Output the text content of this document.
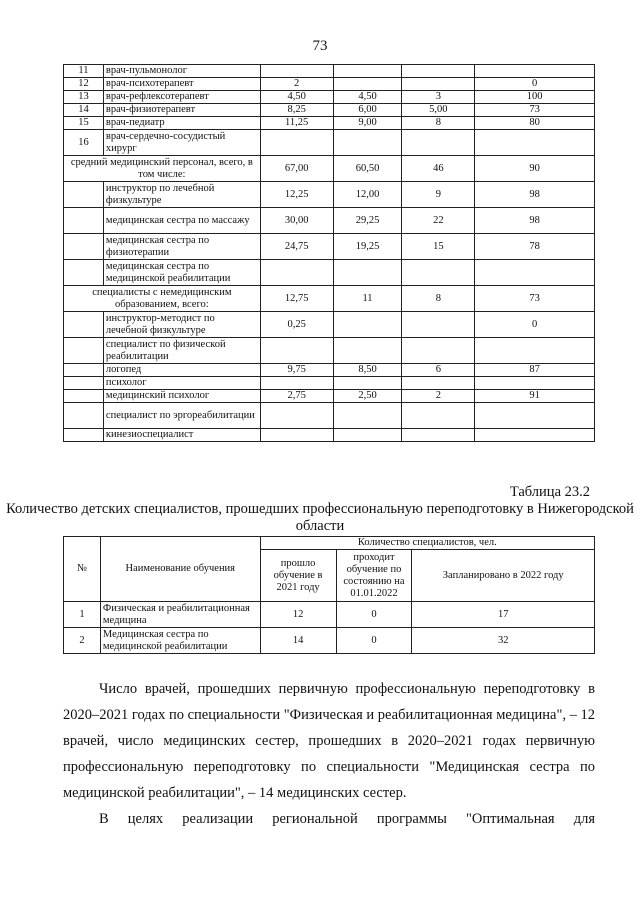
73
11	врач-пульмонолог				
12	врач-психотерапевт	2			0
13	врач-рефлексотерапевт	4,50	4,50	3	100
14	врач-физиотерапевт	8,25	6,00	5,00	73
15	врач-педиатр	11,25	9,00	8	80
16	врач-сердечно-сосудистый хирург				
средний медицинский персонал, всего, в том числе:		67,00	60,50	46	90
	инструктор по лечебной физкультуре	12,25	12,00	9	98
	медицинская сестра по массажу	30,00	29,25	22	98
	медицинская сестра по физиотерапии	24,75	19,25	15	78
	медицинская сестра по медицинской реабилитации				
специалисты с немедицинским образованием, всего:		12,75	11	8	73
	инструктор-методист по лечебной физкультуре	0,25			0
	специалист по физической реабилитации				
	логопед	9,75	8,50	6	87
	психолог				
	медицинский психолог	2,75	2,50	2	91
	специалист по эргореабилитации				
	кинезиоспециалист				
Таблица 23.2
Количество детских специалистов, прошедших профессиональную переподготовку в Нижегородской области
№	Наименование обучения	Количество специалистов, чел.		
		прошло обучение в 2021 году	проходит обучение по состоянию на 01.01.2022	Запланировано в 2022 году
1	Физическая и реабилитационная медицина	12	0	17
2	Медицинская сестра по медицинской реабилитации	14	0	32
Число врачей, прошедших первичную профессиональную переподготовку в 2020–2021 годах по специальности "Физическая и реабилитационная медицина", – 12 врачей, число медицинских сестер, прошедших в 2020–2021 годах первичную профессиональную переподготовку по специальности "Медицинская сестра по медицинской реабилитации", – 14 медицинских сестер.
В целях реализации региональной программы "Оптимальная для
